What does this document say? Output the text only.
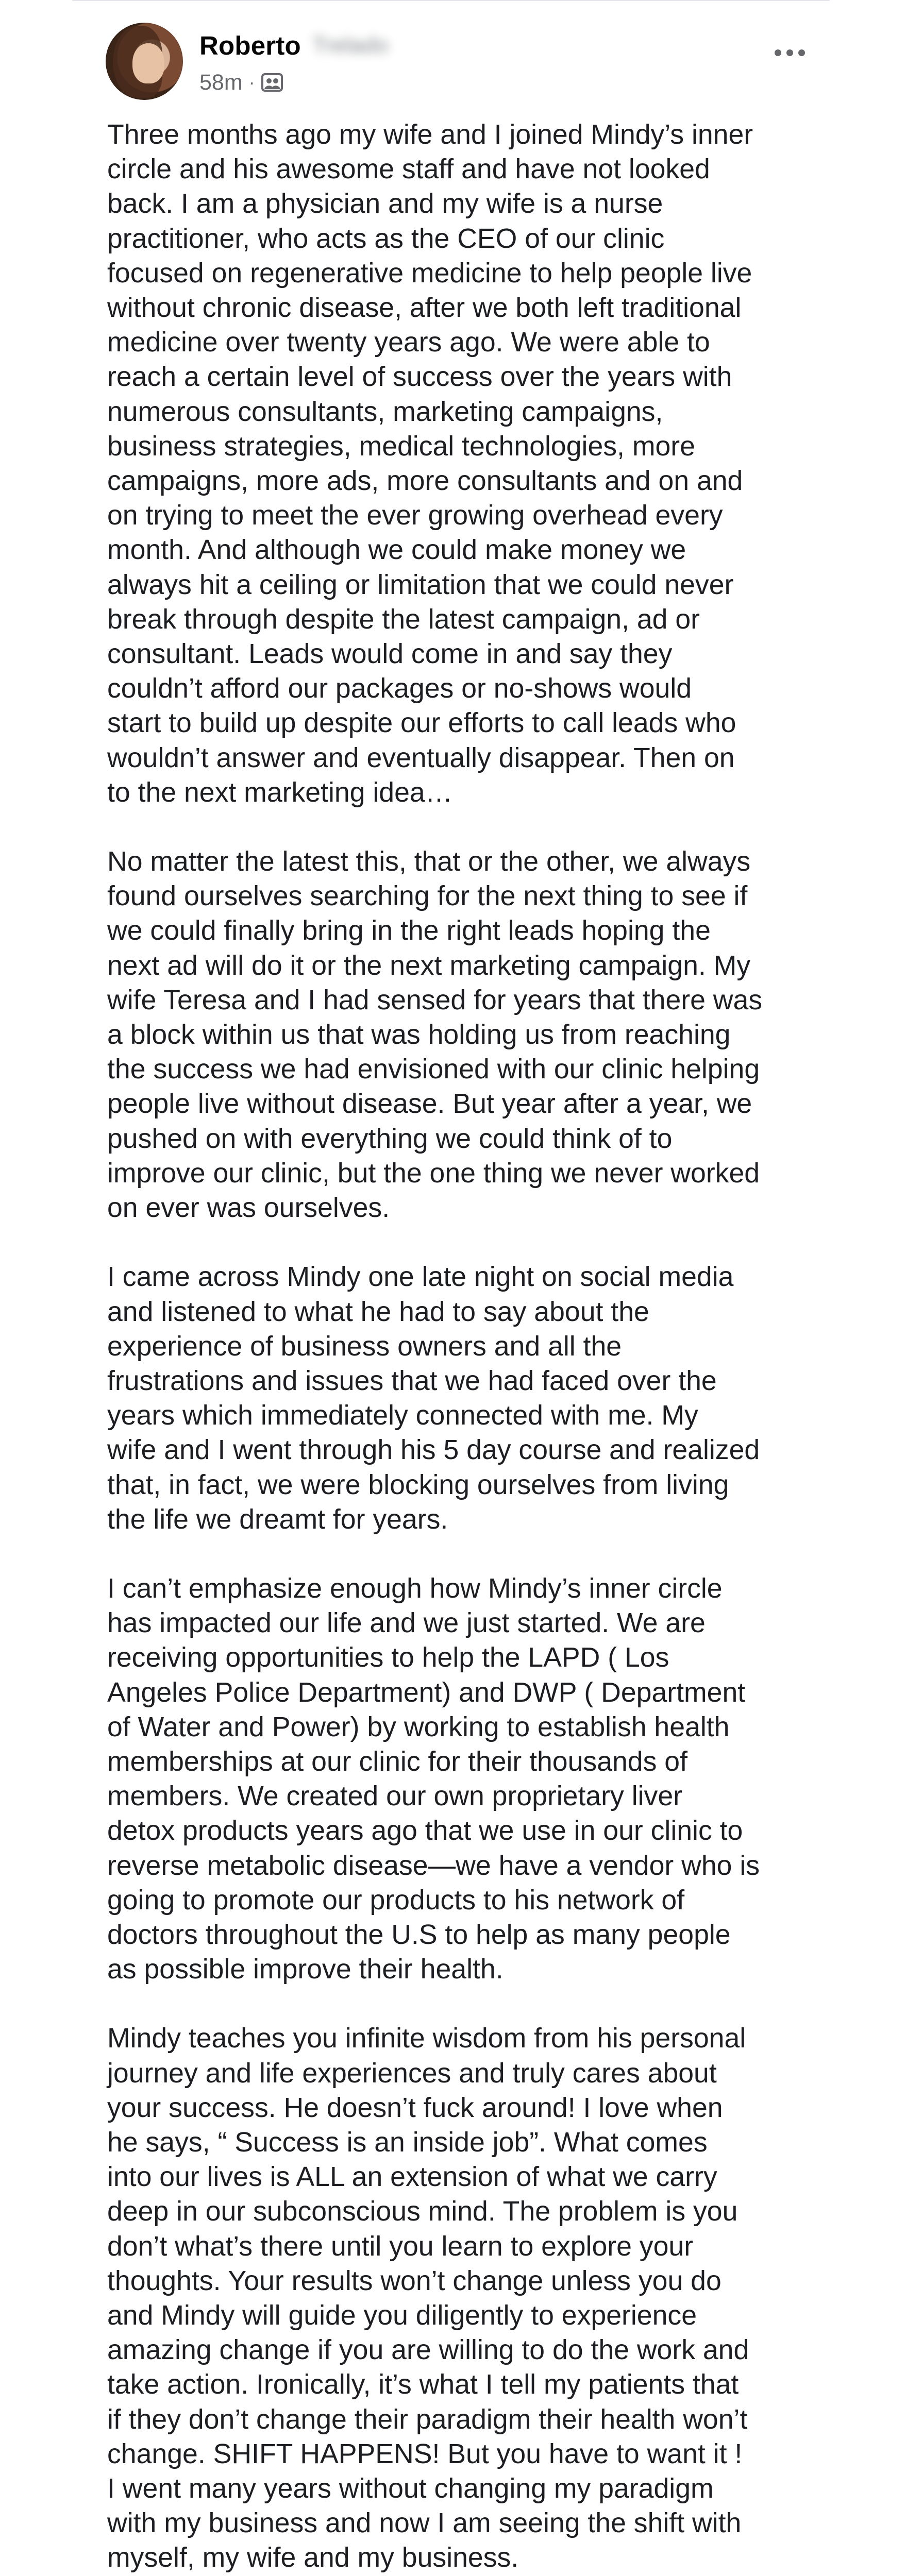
Roberto Trelado
58m ·

Three months ago my wife and I joined Mindy’s inner
circle and his awesome staff and have not looked
back. I am a physician and my wife is a nurse
practitioner, who acts as the CEO of our clinic
focused on regenerative medicine to help people live
without chronic disease, after we both left traditional
medicine over twenty years ago. We were able to
reach a certain level of success over the years with
numerous consultants, marketing campaigns,
business strategies, medical technologies, more
campaigns, more ads, more consultants and on and
on trying to meet the ever growing overhead every
month. And although we could make money we
always hit a ceiling or limitation that we could never
break through despite the latest campaign, ad or
consultant. Leads would come in and say they
couldn’t afford our packages or no-shows would
start to build up despite our efforts to call leads who
wouldn’t answer and eventually disappear. Then on
to the next marketing idea…

No matter the latest this, that or the other, we always
found ourselves searching for the next thing to see if
we could finally bring in the right leads hoping the
next ad will do it or the next marketing campaign. My
wife Teresa and I had sensed for years that there was
a block within us that was holding us from reaching
the success we had envisioned with our clinic helping
people live without disease. But year after a year, we
pushed on with everything we could think of to
improve our clinic, but the one thing we never worked
on ever was ourselves.

I came across Mindy one late night on social media
and listened to what he had to say about the
experience of business owners and all the
frustrations and issues that we had faced over the
years which immediately connected with me. My
wife and I went through his 5 day course and realized
that, in fact, we were blocking ourselves from living
the life we dreamt for years.

I can’t emphasize enough how Mindy’s inner circle
has impacted our life and we just started. We are
receiving opportunities to help the LAPD ( Los
Angeles Police Department) and DWP ( Department
of Water and Power) by working to establish health
memberships at our clinic for their thousands of
members. We created our own proprietary liver
detox products years ago that we use in our clinic to
reverse metabolic disease—we have a vendor who is
going to promote our products to his network of
doctors throughout the U.S to help as many people
as possible improve their health.

Mindy teaches you infinite wisdom from his personal
journey and life experiences and truly cares about
your success. He doesn’t fuck around! I love when
he says, “ Success is an inside job”. What comes
into our lives is ALL an extension of what we carry
deep in our subconscious mind. The problem is you
don’t what’s there until you learn to explore your
thoughts. Your results won’t change unless you do
and Mindy will guide you diligently to experience
amazing change if you are willing to do the work and
take action. Ironically, it’s what I tell my patients that
if they don’t change their paradigm their health won’t
change. SHIFT HAPPENS! But you have to want it !
I went many years without changing my paradigm
with my business and now I am seeing the shift with
myself, my wife and my business.
